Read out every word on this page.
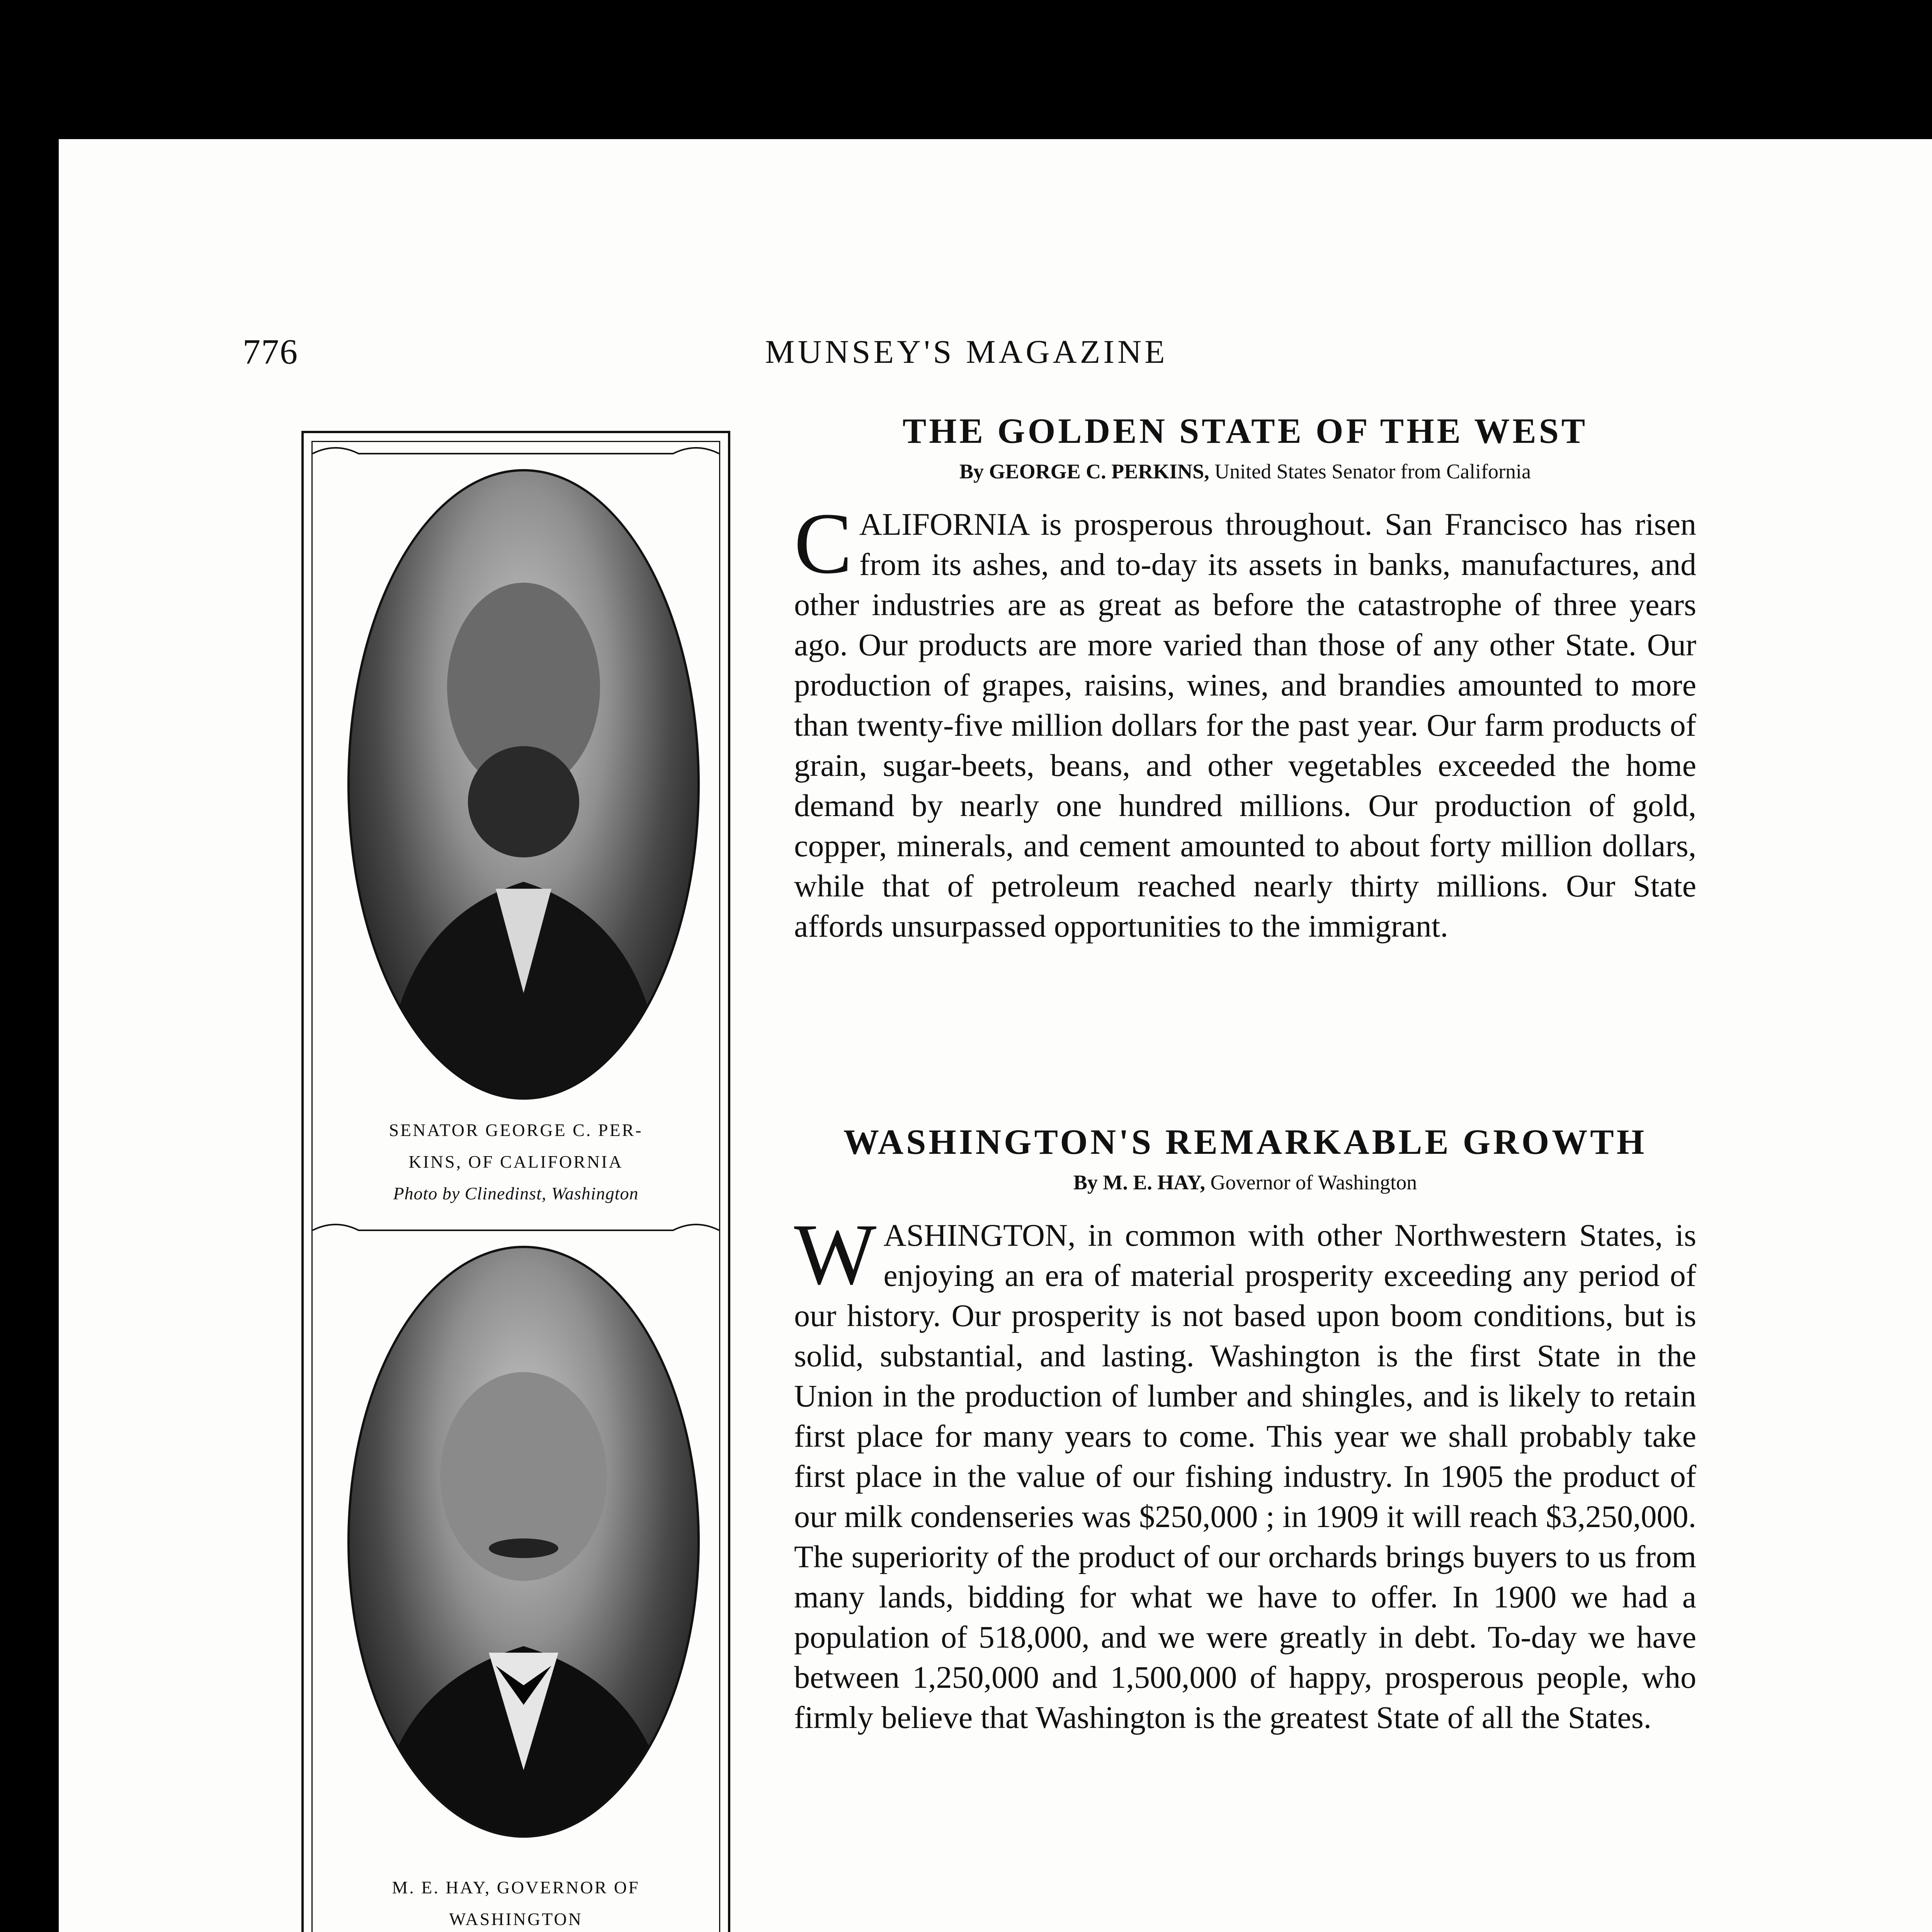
776	MUNSEY'S MAGAZINE
SENATOR GEORGE C. PER-
KINS, OF CALIFORNIA
Photo by Clinedinst, Washington
M. E. HAY, GOVERNOR OF
WASHINGTON
THE GOLDEN STATE OF THE WEST

By GEORGE C. PERKINS, United States Senator from California

CALIFORNIA is prosperous throughout. San Francisco has risen from its ashes, and to-day its assets in banks, manufactures, and other industries are as great as before the catastrophe of three years ago. Our products are more varied than those of any other State. Our production of grapes, raisins, wines, and brandies amounted to more than twenty-five million dollars for the past year. Our farm products of grain, sugar-beets, beans, and other vegetables exceeded the home demand by nearly one hundred millions. Our production of gold, copper, minerals, and cement amounted to about forty million dollars, while that of petroleum reached nearly thirty millions. Our State affords unsurpassed opportunities to the immigrant.

WASHINGTON'S REMARKABLE GROWTH

By M. E. HAY, Governor of Washington

WASHINGTON, in common with other Northwestern States, is enjoying an era of material prosperity exceeding any period of our history. Our prosperity is not based upon boom conditions, but is solid, substantial, and lasting. Washington is the first State in the Union in the production of lumber and shingles, and is likely to retain first place for many years to come. This year we shall probably take first place in the value of our fishing industry. In 1905 the product of our milk condenseries was $250,000 ; in 1909 it will reach $3,250,000. The superiority of the product of our orchards brings buyers to us from many lands, bidding for what we have to offer. In 1900 we had a population of 518,000, and we were greatly in debt. To-day we have between 1,250,000 and 1,500,000 of happy, prosperous people, who firmly believe that Washington is the greatest State of all the States.
